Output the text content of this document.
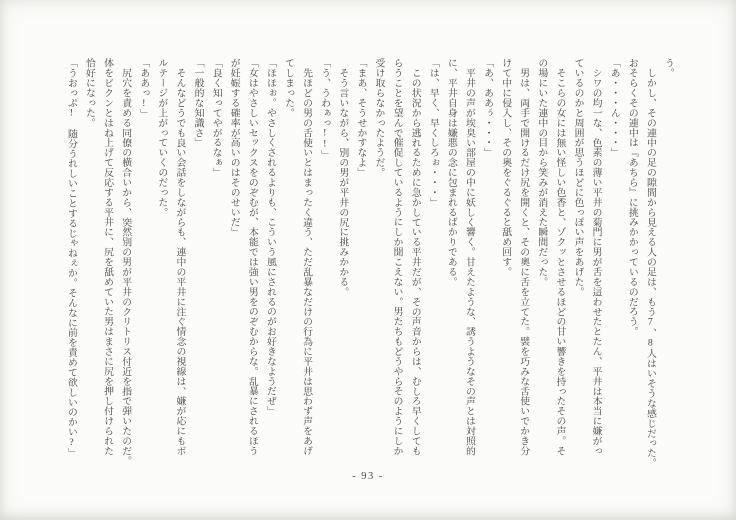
う。
しかし、その連中の足の隙間から見える人の足は、もう7、8人はいそうな感じだった。
おそらくその連中は『あちら』に挑みかかっているのだろう。
「あ・・・ん・・・」
シワの均一な、色素の薄い平井の菊門に男が舌を這わせたとたん、平井は本当に嫌がっ
ているのかと周囲が思うほどに色っぽい声をあげた。
そこらの女には無い怪しい色香と、ゾクッとさせるほどの甘い響きを持ったその声。そ
の場にいた連中の目から笑みが消えた瞬間だった。
男は、両手で開けるだけ尻を開くと、その奥に舌を立てた。襞を巧みな舌使いでかき分
けて中に侵入し、その奥をぐるぐると舐め回す。
「あ、ああぅ・・・」
平井の声が埃臭い部屋の中に妖しく響く。甘えたような、誘うようなその声とは対照的
に、平井自身は嫌悪の念に包まれるばかりである。
「は、早く、早くしろぉ・・・」
この状況から逃れるために急かしている平井だが、その声音からは、むしろ早くしても
らうことを望んで催促しているようにしか聞こえない。男たちもどうやらそのようにしか
受け取らなかったようだ。
「まあ、そうせかすなよ」
そう言いながら、別の男が平井の尻に挑みかかる。
「う、うわぁっ!!」
先ほどの男の舌使いとはまったく違う、ただ乱暴なだけの行為に平井は思わず声をあげ
てしまった。
「ほほぉ。やさしくされるよりも、こういう風にされるのがお好きなようだぜ」
「女はやさしいセックスをのぞむが、本能では強い男をのぞむからな。乱暴にされるほう
が妊娠する確率が高いのはそのせいだ」
「良く知ってやがるなぁ」
「一般的な知識さ」
そんなどうでも良い会話をしながらも、連中の平井に注ぐ情念の視線は、嫌が応にもボ
ルテージが上がっていくのだった。
「ああっ!」
尻穴を責める同僚の横合いから、突然別の男が平井のクリトリス付近を指で弾いたのだ。
体をビクンとはね上げて反応する平井に、尻を舐めていた男はまさに尻を押し付けられた
恰好になった。
「うおっぷ!　随分うれしいことするじゃねぇか。そんなに前を責めて欲しいのかい?」
- 93 -
